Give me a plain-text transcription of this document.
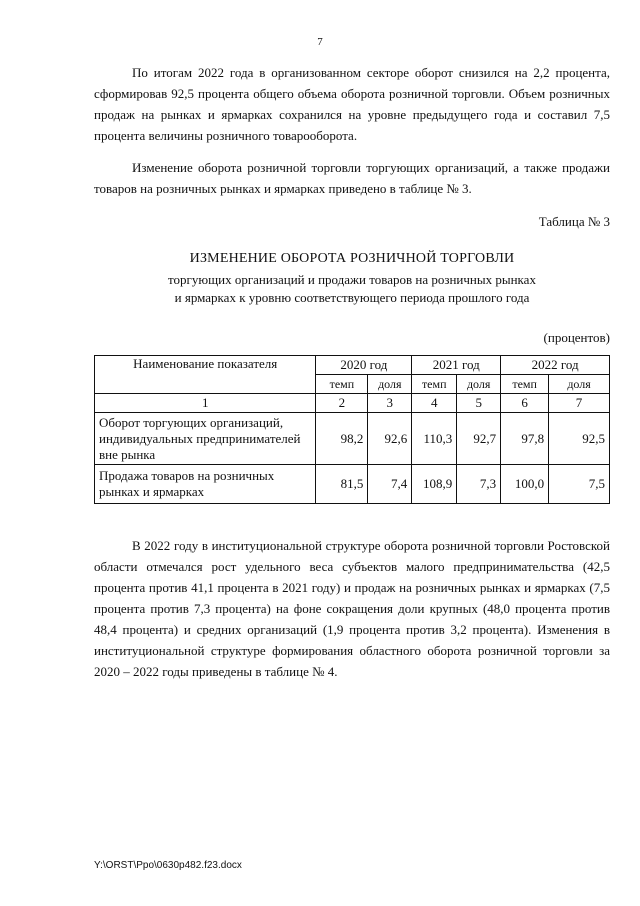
7

По итогам 2022 года в организованном секторе оборот снизился на 2,2 процента, сформировав 92,5 процента общего объема оборота розничной торговли. Объем розничных продаж на рынках и ярмарках сохранился на уровне предыдущего года и составил 7,5 процента величины розничного товарооборота.

Изменение оборота розничной торговли торгующих организаций, а также продажи товаров на розничных рынках и ярмарках приведено в таблице № 3.

Таблица № 3
ИЗМЕНЕНИЕ ОБОРОТА РОЗНИЧНОЙ ТОРГОВЛИ
торгующих организаций и продажи товаров на розничных рынках
и ярмарках к уровню соответствующего периода прошлого года
(процентов)
Наименование показателя	2020 год		2021 год		2022 год	
	темп	доля	темп	доля	темп	доля
1	2	3	4	5	6	7
Оборот торгующих организаций, индивидуальных предпринимателей вне рынка	98,2	92,6	110,3	92,7	97,8	92,5
Продажа товаров на розничных рынках и ярмарках	81,5	7,4	108,9	7,3	100,0	7,5

В 2022 году в институциональной структуре оборота розничной торговли Ростовской области отмечался рост удельного веса субъектов малого предпринимательства (42,5 процента против 41,1 процента в 2021 году) и продаж на розничных рынках и ярмарках (7,5 процента против 7,3 процента) на фоне сокращения доли крупных (48,0 процента против 48,4 процента) и средних организаций (1,9 процента против 3,2 процента). Изменения в институциональной структуре формирования областного оборота розничной торговли за 2020 – 2022 годы приведены в таблице № 4.

Y:\ORST\Ppo\0630p482.f23.docx
